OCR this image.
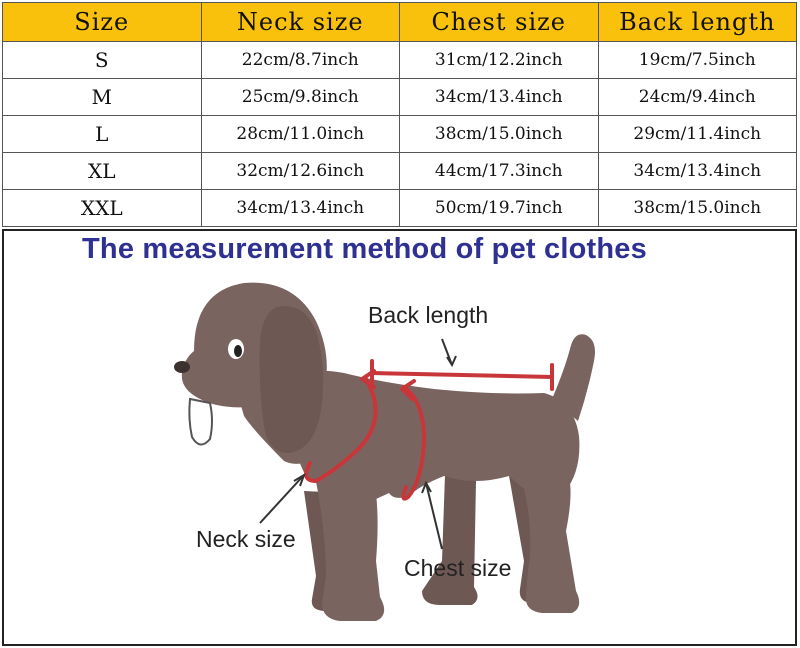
Size	Neck size	Chest size	Back length
S	22cm/8.7inch	31cm/12.2inch	19cm/7.5inch
M	25cm/9.8inch	34cm/13.4inch	24cm/9.4inch
L	28cm/11.0inch	38cm/15.0inch	29cm/11.4inch
XL	32cm/12.6inch	44cm/17.3inch	34cm/13.4inch
XXL	34cm/13.4inch	50cm/19.7inch	38cm/15.0inch
The measurement method of pet clothes
Back length
Neck size
Chest size
